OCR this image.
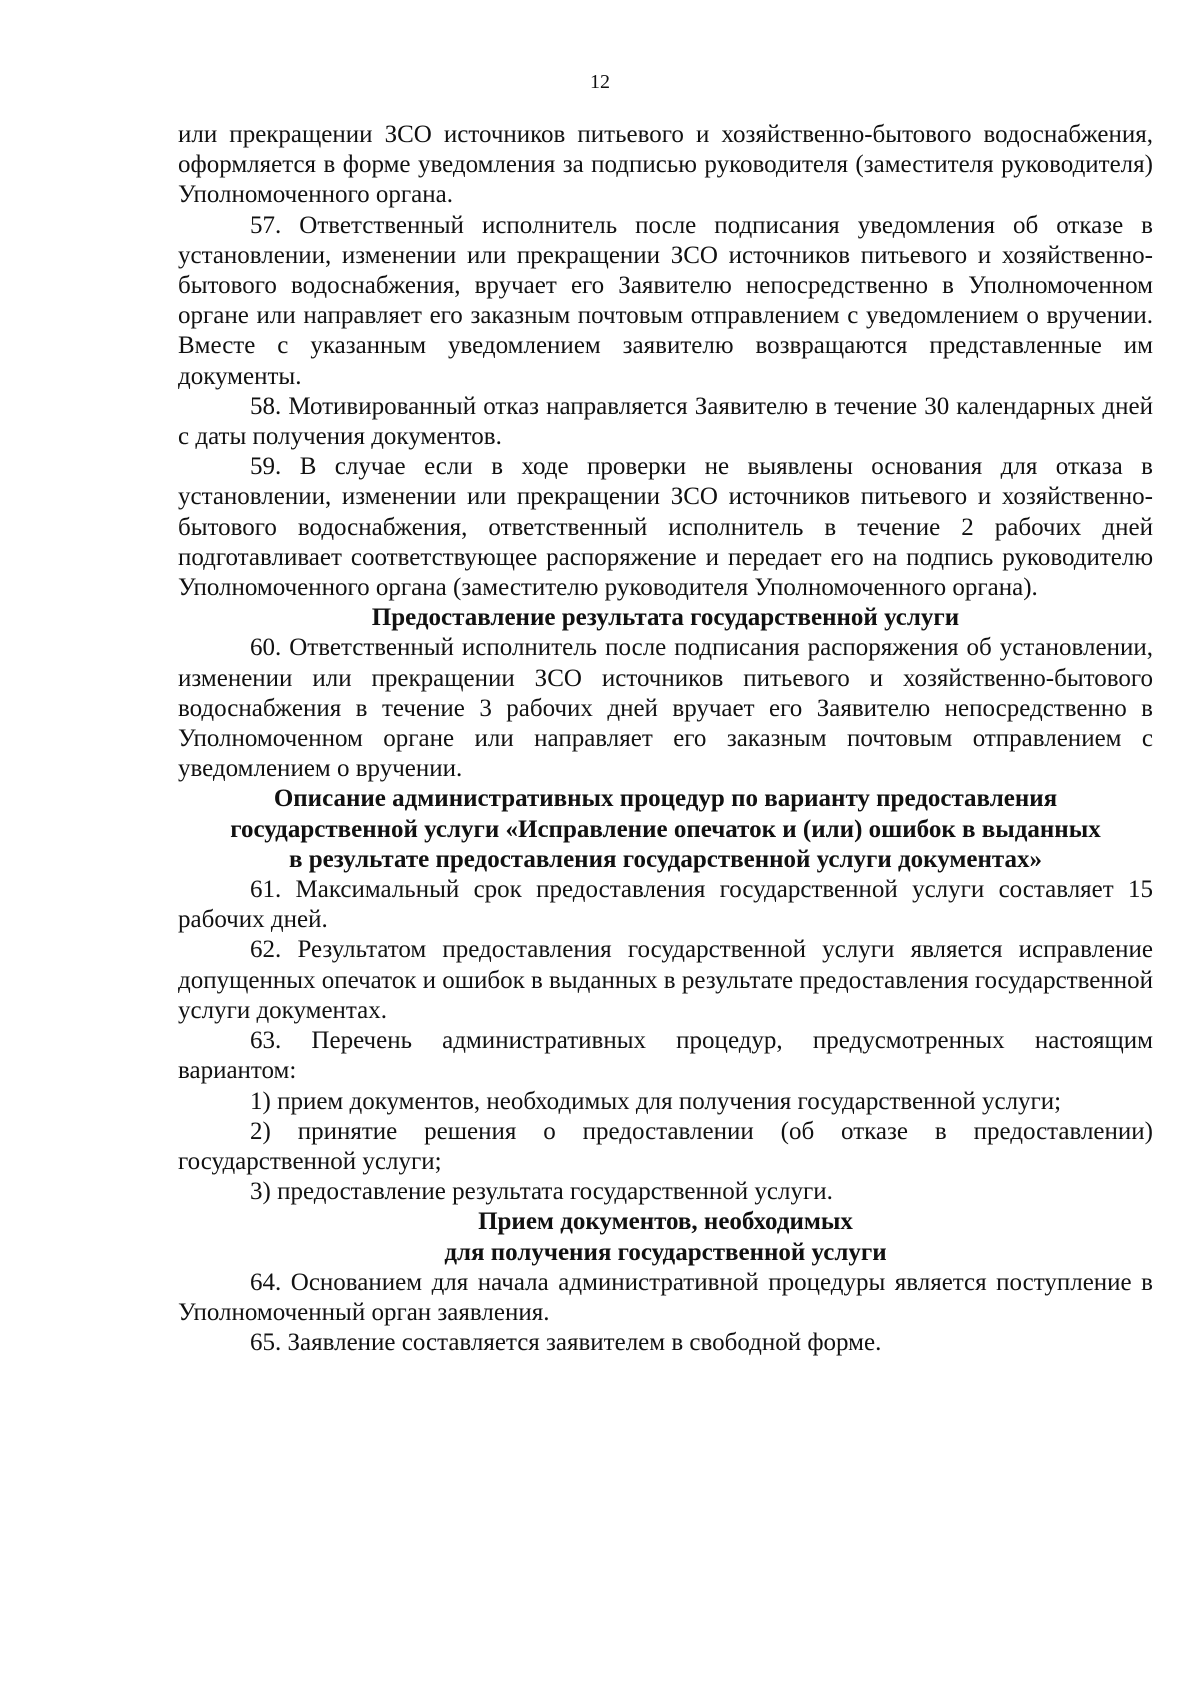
12

или прекращении ЗСО источников питьевого и хозяйственно-бытового водоснабжения, оформляется в форме уведомления за подписью руководителя (заместителя руководителя) Уполномоченного органа.

57. Ответственный исполнитель после подписания уведомления об отказе в установлении, изменении или прекращении ЗСО источников питьевого и хозяйственно-бытового водоснабжения, вручает его Заявителю непосредственно в Уполномоченном органе или направляет его заказным почтовым отправлением с уведомлением о вручении. Вместе с указанным уведомлением заявителю возвращаются представленные им документы.

58. Мотивированный отказ направляется Заявителю в течение 30 календарных дней с даты получения документов.

59. В случае если в ходе проверки не выявлены основания для отказа в установлении, изменении или прекращении ЗСО источников питьевого и хозяйственно-бытового водоснабжения, ответственный исполнитель в течение 2 рабочих дней подготавливает соответствующее распоряжение и передает его на подпись руководителю Уполномоченного органа (заместителю руководителя Уполномоченного органа).

Предоставление результата государственной услуги

60. Ответственный исполнитель после подписания распоряжения об установлении, изменении или прекращении ЗСО источников питьевого и хозяйственно-бытового водоснабжения в течение 3 рабочих дней вручает его Заявителю непосредственно в Уполномоченном органе или направляет его заказным почтовым отправлением с уведомлением о вручении.

Описание административных процедур по варианту предоставления
государственной услуги «Исправление опечаток и (или) ошибок в выданных
в результате предоставления государственной услуги документах»

61. Максимальный срок предоставления государственной услуги составляет 15 рабочих дней.

62. Результатом предоставления государственной услуги является исправление допущенных опечаток и ошибок в выданных в результате предоставления государственной услуги документах.

63. Перечень административных процедур, предусмотренных настоящим вариантом:

1) прием документов, необходимых для получения государственной услуги;

2) принятие решения о предоставлении (об отказе в предоставлении) государственной услуги;

3) предоставление результата государственной услуги.

Прием документов, необходимых
для получения государственной услуги

64. Основанием для начала административной процедуры является поступление в Уполномоченный орган заявления.

65. Заявление составляется заявителем в свободной форме.
